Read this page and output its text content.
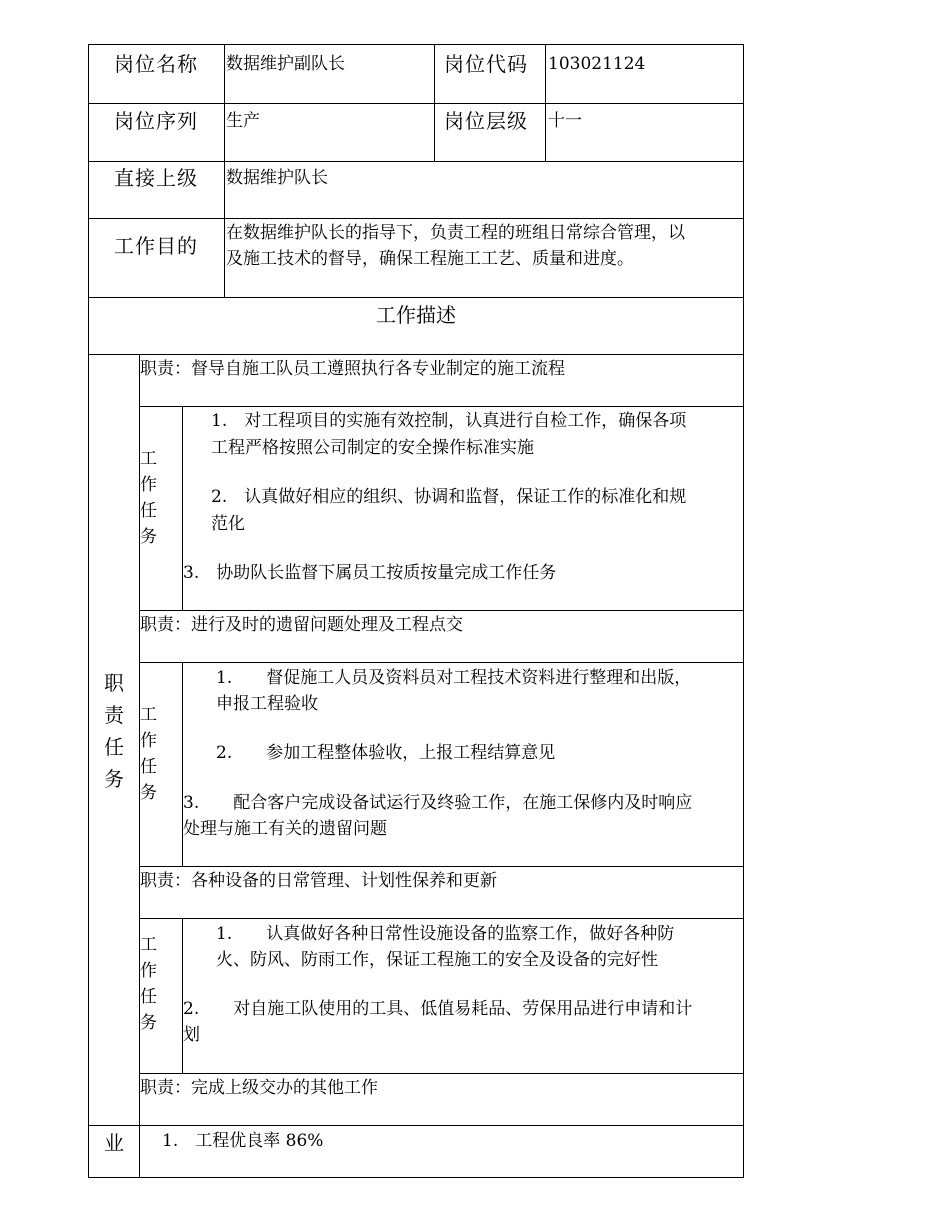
岗位名称 数据维护副队长	岗位代码 103021124
岗位序列 生产	岗位层级 十一
直接上级 数据维护队长
工作目的
在数据维护队长的指导下，负责工程的班组日常综合管理，以
及施工技术的督导，确保工程施工工艺、质量和进度。
工作描述
职
责
任
务
职责：督导自施工队员工遵照执行各专业制定的施工流程
工
作
任
务
1.　对工程项目的实施有效控制，认真进行自检工作，确保各项
工程严格按照公司制定的安全操作标准实施
2.　认真做好相应的组织、协调和监督，保证工作的标准化和规
范化
3.　协助队长监督下属员工按质按量完成工作任务
职责：进行及时的遗留问题处理及工程点交
工
作
任
务
1.　　督促施工人员及资料员对工程技术资料进行整理和出版，
申报工程验收
2.　　参加工程整体验收，上报工程结算意见
3.　　配合客户完成设备试运行及终验工作，在施工保修内及时响应
处理与施工有关的遗留问题
职责：各种设备的日常管理、计划性保养和更新
工
作
任
务
1.　　认真做好各种日常性设施设备的监察工作，做好各种防
火、防风、防雨工作，保证工程施工的安全及设备的完好性
2.　　对自施工队使用的工具、低值易耗品、劳保用品进行申请和计
划
职责：完成上级交办的其他工作
业 1.　工程优良率 86%
